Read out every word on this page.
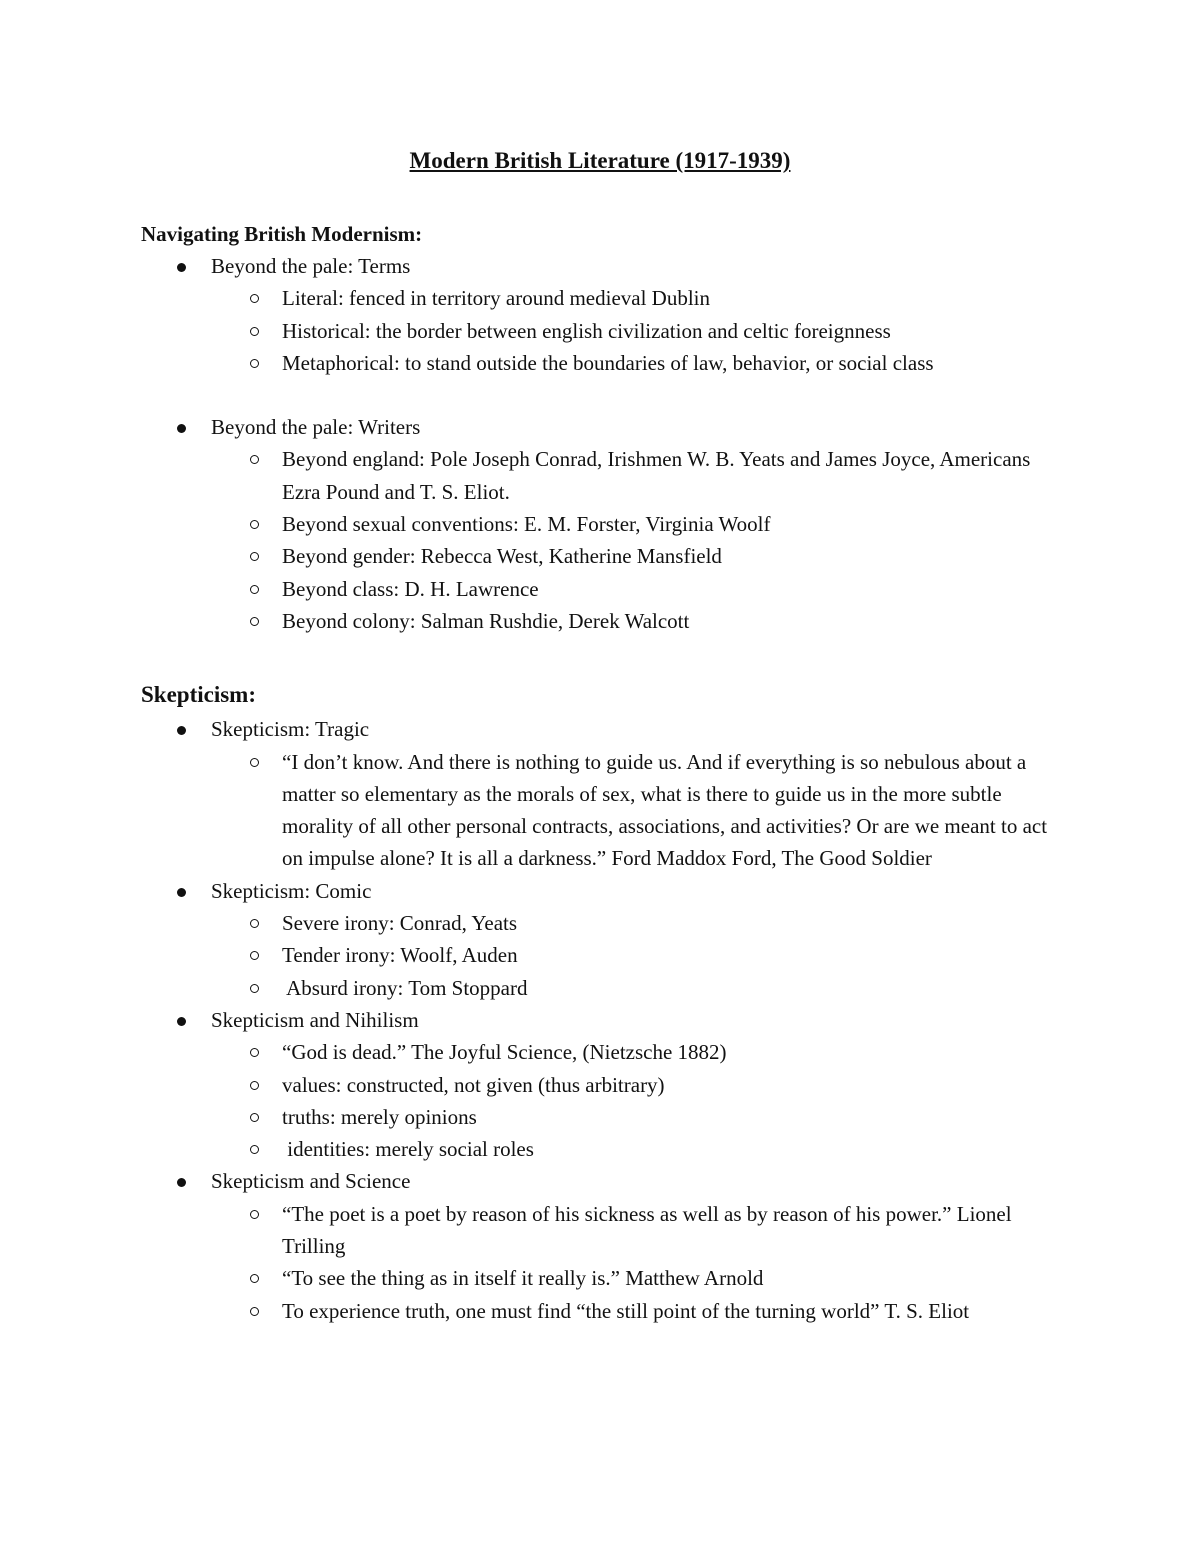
Modern British Literature (1917-1939)
Navigating British Modernism:
Beyond the pale: Terms
Literal: fenced in territory around medieval Dublin
Historical: the border between english civilization and celtic foreignness
Metaphorical: to stand outside the boundaries of law, behavior, or social class
Beyond the pale: Writers
Beyond england: Pole Joseph Conrad, Irishmen W. B. Yeats and James Joyce, Americans Ezra Pound and T. S. Eliot.
Beyond sexual conventions: E. M. Forster, Virginia Woolf
Beyond gender: Rebecca West, Katherine Mansfield
Beyond class: D. H. Lawrence
Beyond colony: Salman Rushdie, Derek Walcott
Skepticism:
Skepticism: Tragic
“I don’t know. And there is nothing to guide us. And if everything is so nebulous about a matter so elementary as the morals of sex, what is there to guide us in the more subtle morality of all other personal contracts, associations, and activities? Or are we meant to act on impulse alone? It is all a darkness.” Ford Maddox Ford, The Good Soldier
Skepticism: Comic
Severe irony: Conrad, Yeats
Tender irony: Woolf, Auden
Absurd irony: Tom Stoppard
Skepticism and Nihilism
“God is dead.” The Joyful Science, (Nietzsche 1882)
values: constructed, not given (thus arbitrary)
truths: merely opinions
identities: merely social roles
Skepticism and Science
“The poet is a poet by reason of his sickness as well as by reason of his power.” Lionel Trilling
“To see the thing as in itself it really is.” Matthew Arnold
To experience truth, one must find “the still point of the turning world” T. S. Eliot
